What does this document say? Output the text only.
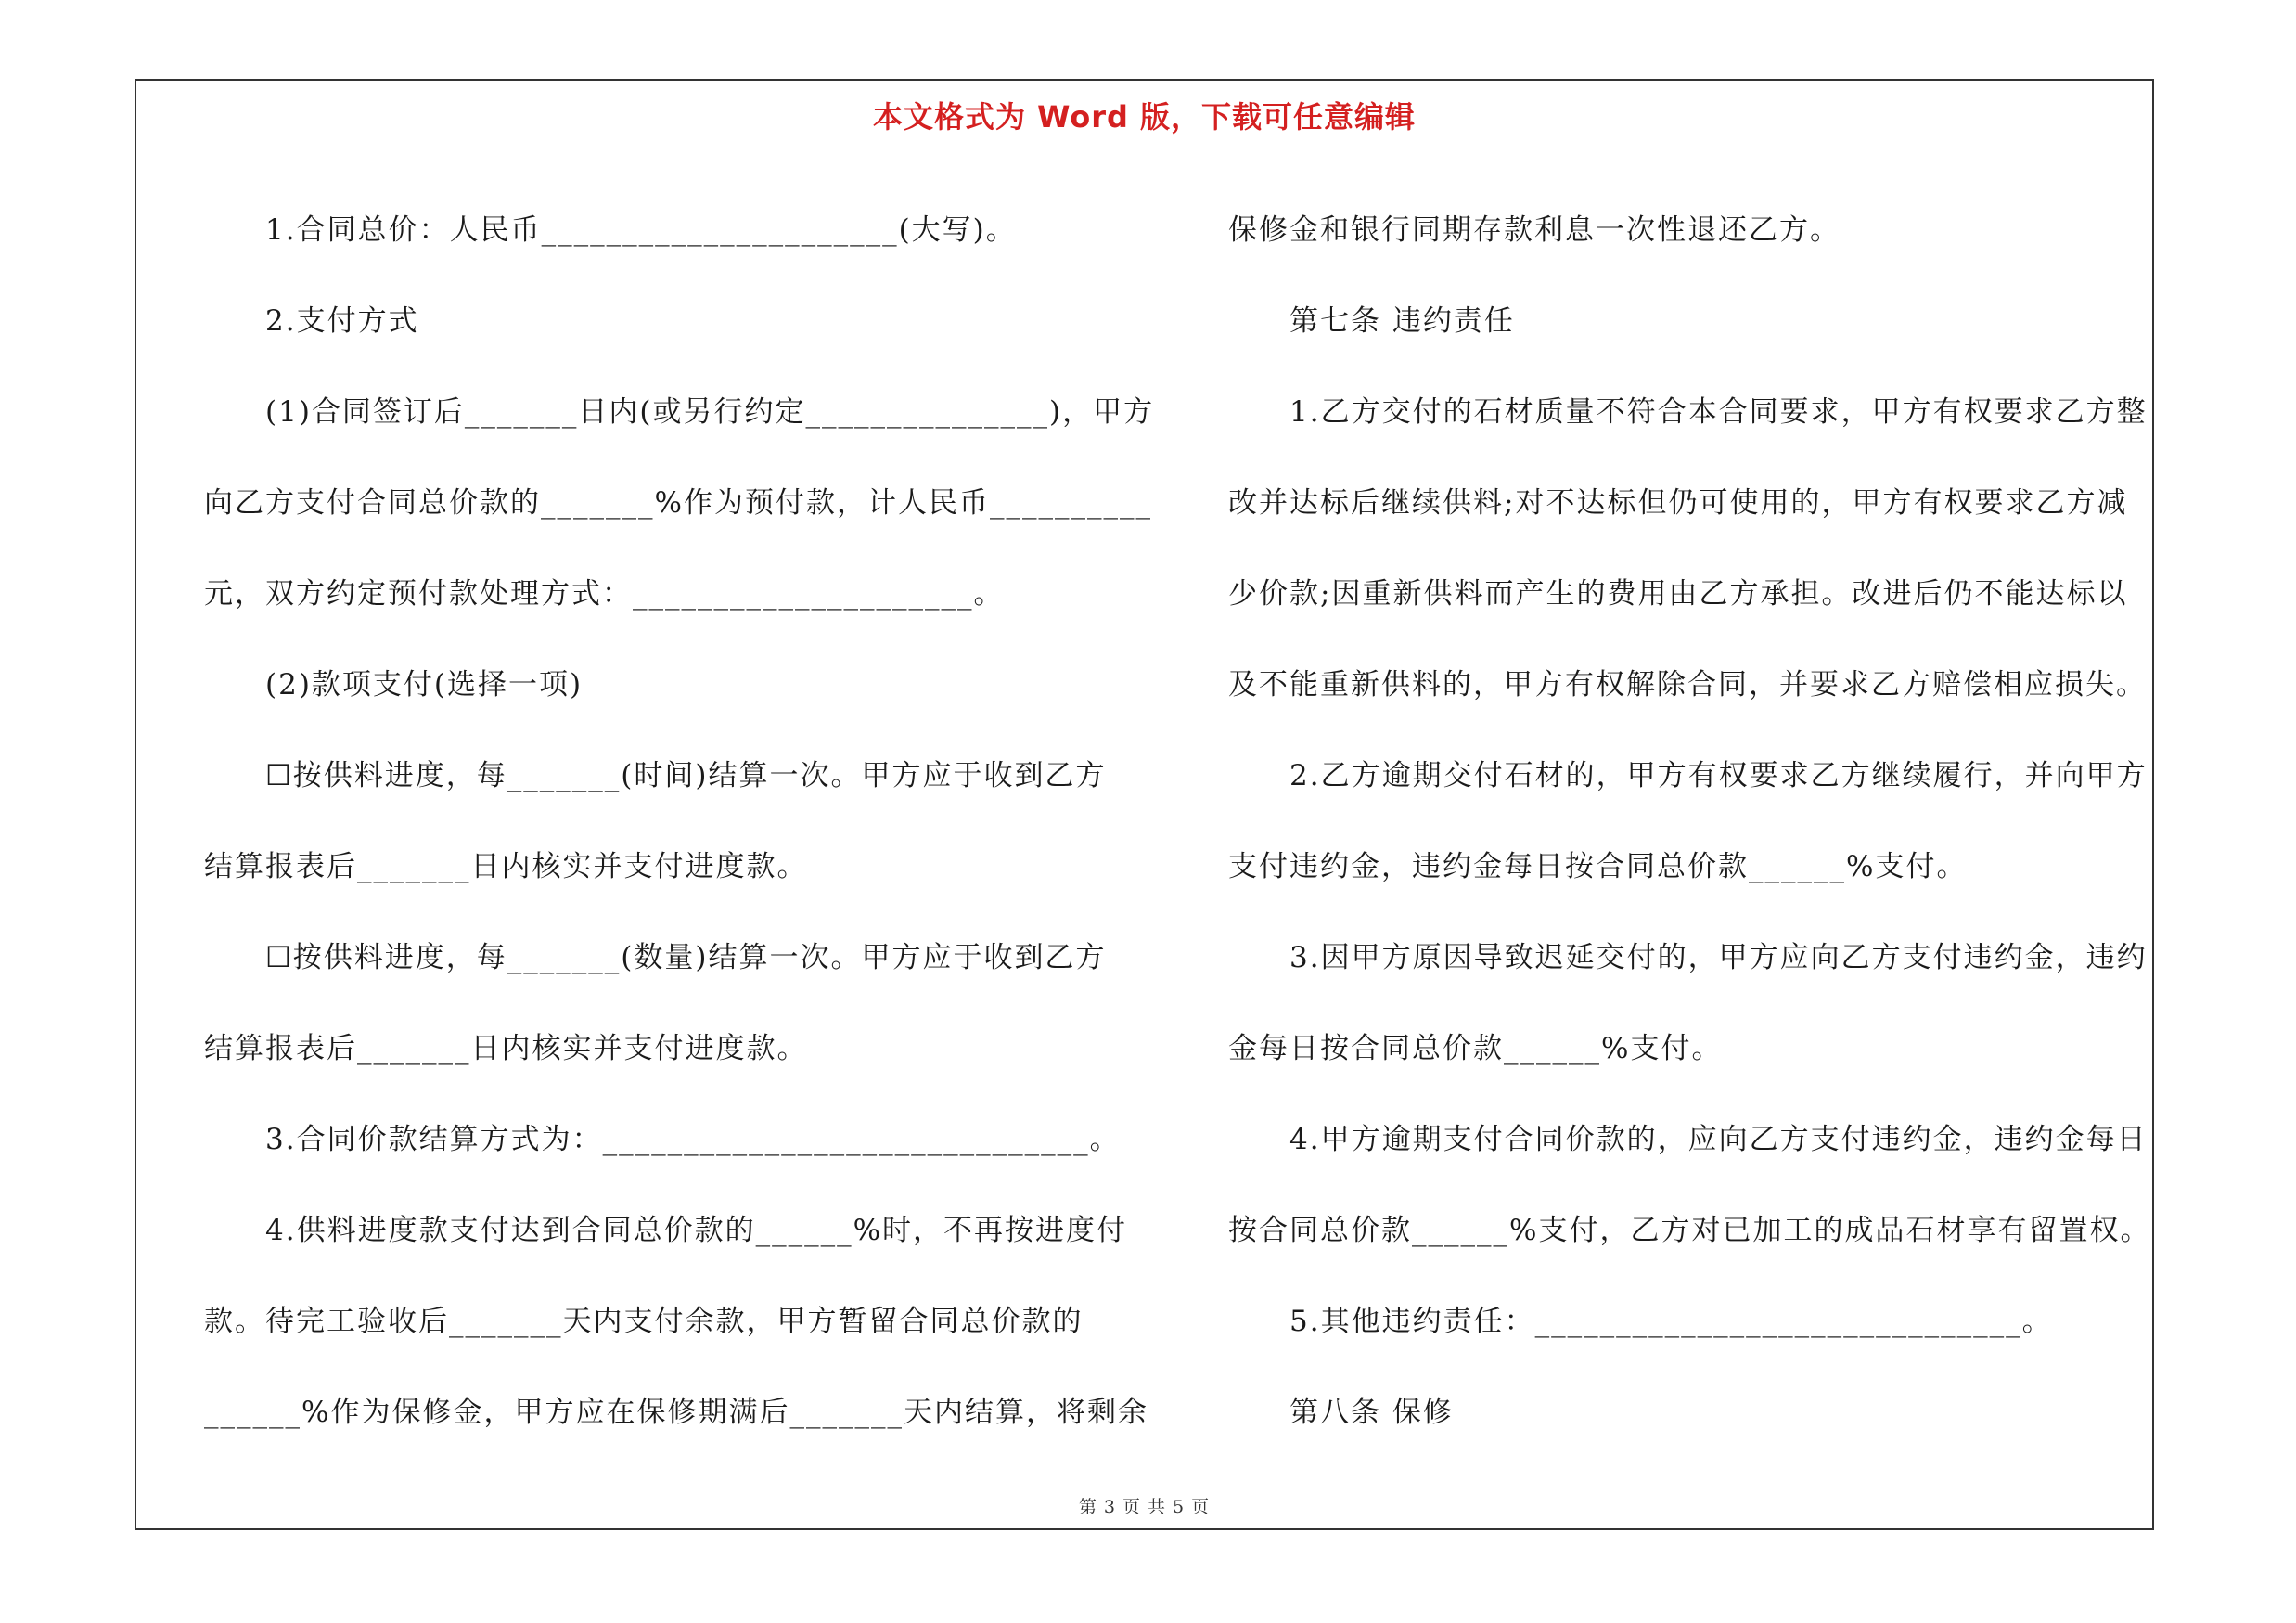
本文格式为 Word 版，下载可任意编辑

1.合同总价：人民币______________________(大写)。

2.支付方式

(1)合同签订后_______日内(或另行约定_______________)，甲方

向乙方支付合同总价款的_______%作为预付款，计人民币__________

元，双方约定预付款处理方式：_____________________。

(2)款项支付(选择一项)

☐按供料进度，每_______(时间)结算一次。甲方应于收到乙方

结算报表后_______日内核实并支付进度款。

☐按供料进度，每_______(数量)结算一次。甲方应于收到乙方

结算报表后_______日内核实并支付进度款。

3.合同价款结算方式为：______________________________。

4.供料进度款支付达到合同总价款的______%时，不再按进度付

款。待完工验收后_______天内支付余款，甲方暂留合同总价款的

______%作为保修金，甲方应在保修期满后_______天内结算，将剩余

保修金和银行同期存款利息一次性退还乙方。

第七条 违约责任

1.乙方交付的石材质量不符合本合同要求，甲方有权要求乙方整

改并达标后继续供料;对不达标但仍可使用的，甲方有权要求乙方减

少价款;因重新供料而产生的费用由乙方承担。改进后仍不能达标以

及不能重新供料的，甲方有权解除合同，并要求乙方赔偿相应损失。

2.乙方逾期交付石材的，甲方有权要求乙方继续履行，并向甲方

支付违约金，违约金每日按合同总价款______%支付。

3.因甲方原因导致迟延交付的，甲方应向乙方支付违约金，违约

金每日按合同总价款______%支付。

4.甲方逾期支付合同价款的，应向乙方支付违约金，违约金每日

按合同总价款______%支付，乙方对已加工的成品石材享有留置权。

5.其他违约责任：______________________________。

第八条 保修

第 3 页 共 5 页
